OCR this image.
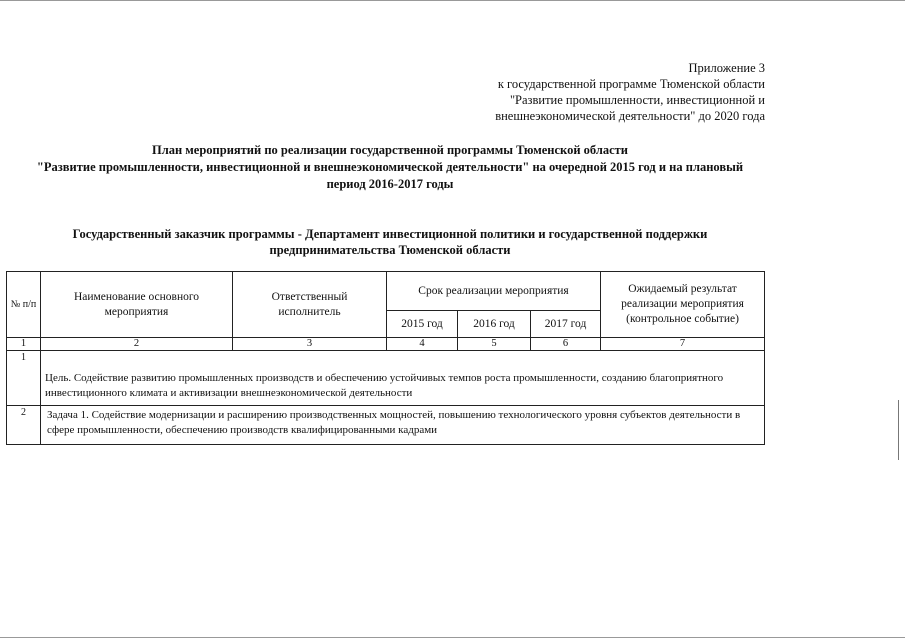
Приложение 3
к государственной программе Тюменской области
"Развитие промышленности, инвестиционной и
внешнеэкономической деятельности" до 2020 года
План мероприятий по реализации государственной программы Тюменской области
"Развитие промышленности, инвестиционной и внешнеэкономической деятельности" на очередной 2015 год и на плановый
период 2016-2017 годы
Государственный заказчик программы - Департамент инвестиционной политики и государственной поддержки
предпринимательства Тюменской области
№ п/п	Наименование основного мероприятия	Ответственный исполнитель	Срок реализации мероприятия			Ожидаемый результат реализации мероприятия (контрольное событие)
			2015 год	2016 год	2017 год	
1	2	3	4	5	6	7
1	Цель. Содействие развитию промышленных производств и обеспечению устойчивых темпов роста промышленности, созданию благоприятного инвестиционного климата и активизации внешнеэкономической деятельности					
2	Задача 1. Содействие модернизации и расширению производственных мощностей, повышению технологического уровня субъектов деятельности в сфере промышленности, обеспечению производств квалифицированными кадрами					
